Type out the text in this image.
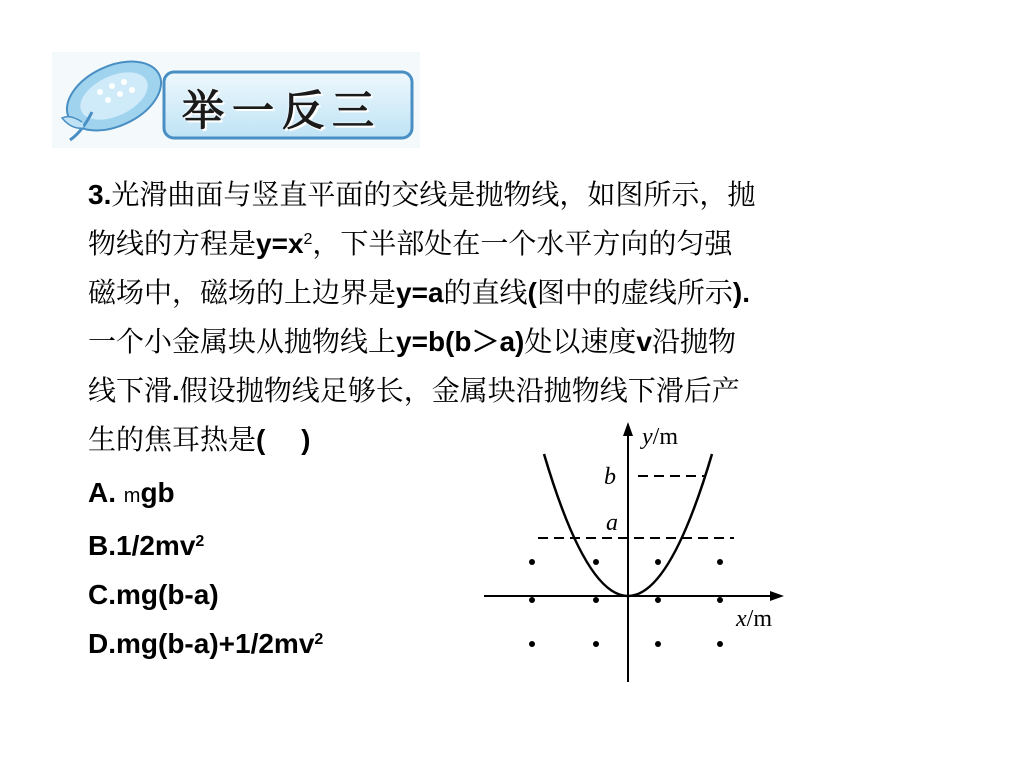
举一反三

3.光滑曲面与竖直平面的交线是抛物线，如图所示，抛

物线的方程是$y=x^2$，下半部处在一个水平方向的匀强

磁场中，磁场的上边界是y=a的直线(图中的虚线所示).

一个小金属块从抛物线上y=b(b＞a)处以速度v沿抛物

线下滑.假设抛物线足够长，金属块沿抛物线下滑后产

生的焦耳热是(　 )

A. mgb
$B.1/2mv^2$
C.mg(b-a)
$D.mg(b-a)+1/2mv^2$
y/m
b
a
x/m
